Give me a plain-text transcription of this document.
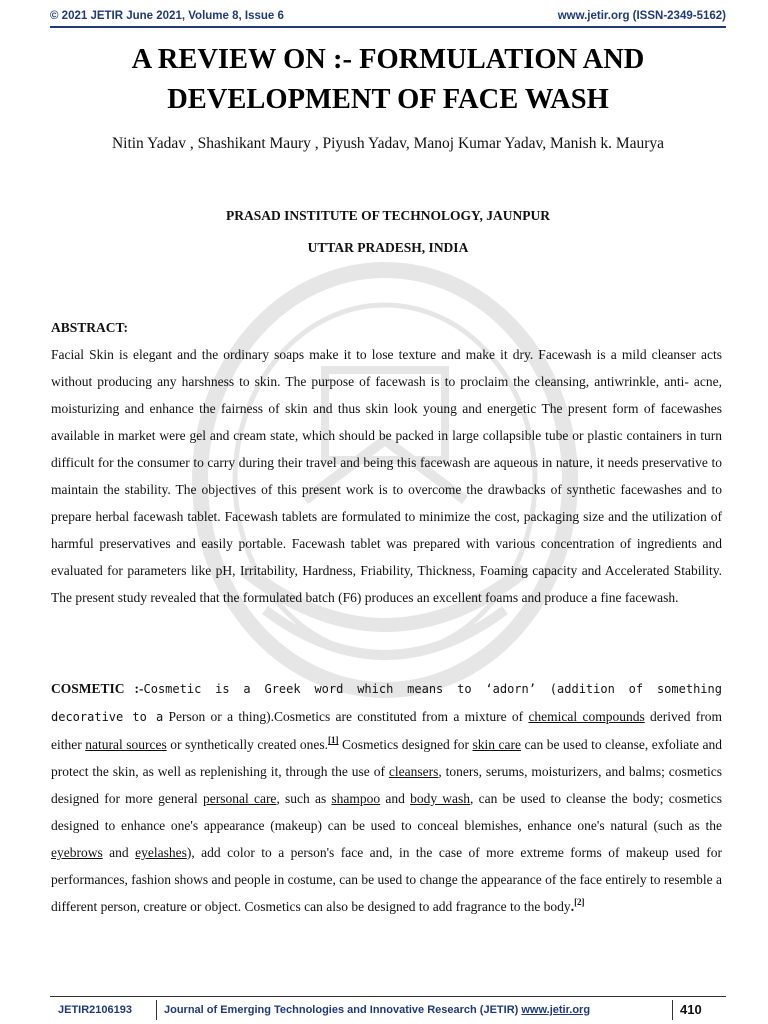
© 2021 JETIR June 2021, Volume 8, Issue 6	www.jetir.org (ISSN-2349-5162)
A REVIEW ON :- FORMULATION AND
DEVELOPMENT OF FACE WASH
Nitin Yadav , Shashikant Maury , Piyush Yadav, Manoj Kumar Yadav, Manish k. Maurya
PRASAD INSTITUTE OF TECHNOLOGY, JAUNPUR
UTTAR PRADESH, INDIA
ABSTRACT:
Facial Skin is elegant and the ordinary soaps make it to lose texture and make it dry. Facewash is a mild cleanser acts without producing any harshness to skin. The purpose of facewash is to proclaim the cleansing, antiwrinkle, anti- acne, moisturizing and enhance the fairness of skin and thus skin look young and energetic The present form of facewashes available in market were gel and cream state, which should be packed in large collapsible tube or plastic containers in turn difficult for the consumer to carry during their travel and being this facewash are aqueous in nature, it needs preservative to maintain the stability. The objectives of this present work is to overcome the drawbacks of synthetic facewashes and to prepare herbal facewash tablet. Facewash tablets are formulated to minimize the cost, packaging size and the utilization of harmful preservatives and easily portable. Facewash tablet was prepared with various concentration of ingredients and evaluated for parameters like pH, Irritability, Hardness, Friability, Thickness, Foaming capacity and Accelerated Stability. The present study revealed that the formulated batch (F6) produces an excellent foams and produce a fine facewash.
COSMETIC :-Cosmetic is a Greek word which means to ‘adorn’ (addition of something decorative to a Person or a thing).Cosmetics are constituted from a mixture of chemical compounds derived from either natural sources or synthetically created ones.[1] Cosmetics designed for skin care can be used to cleanse, exfoliate and protect the skin, as well as replenishing it, through the use of cleansers, toners, serums, moisturizers, and balms; cosmetics designed for more general personal care, such as shampoo and body wash, can be used to cleanse the body; cosmetics designed to enhance one's appearance (makeup) can be used to conceal blemishes, enhance one's natural (such as the eyebrows and eyelashes), add color to a person's face and, in the case of more extreme forms of makeup used for performances, fashion shows and people in costume, can be used to change the appearance of the face entirely to resemble a different person, creature or object. Cosmetics can also be designed to add fragrance to the body.[2]
JETIR2106193	Journal of Emerging Technologies and Innovative Research (JETIR) www.jetir.org	410
